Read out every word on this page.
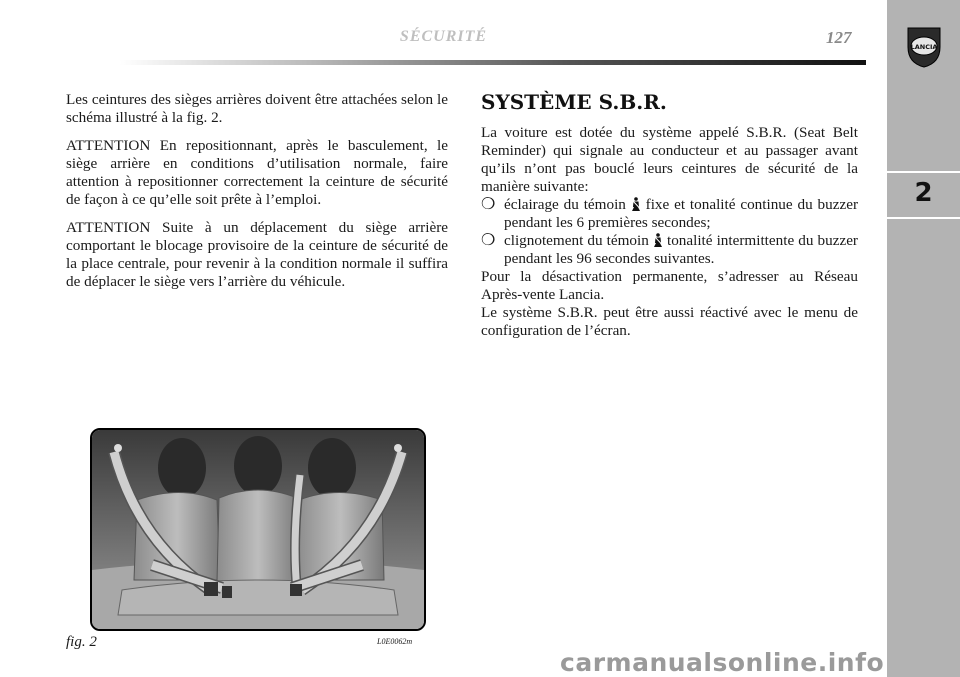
LANCIA
2
SÉCURITÉ	127

Les ceintures des sièges arrières doivent être attachées selon le schéma illustré à la fig. 2.

ATTENTION En repositionnant, après le basculement, le siège arrière en conditions d’utilisation normale, faire attention à repositionner correctement la ceinture de sécurité de façon à ce qu’elle soit prête à l’emploi.

ATTENTION Suite à un déplacement du siège arrière comportant le blocage provisoire de la ceinture de sécurité de la place centrale, pour revenir à la condition normale il suffira de déplacer le siège vers l’arrière du véhicule.

SYSTÈME S.B.R.

La voiture est dotée du système appelé S.B.R. (Seat Belt Reminder) qui signale au conducteur et au passager avant qu’ils n’ont pas bouclé leurs ceintures de sécurité de la manière suivante:

❍ éclairage du témoin fixe et tonalité continue du buzzer pendant les 6 premières secondes;
❍ clignotement du témoin tonalité intermittente du buzzer pendant les 96 secondes suivantes.

Pour la désactivation permanente, s’adresser au Réseau Après-vente Lancia.

Le système S.B.R. peut être aussi réactivé avec le menu de configuration de l’écran.

fig. 2	L0E0062m
carmanualsonline.info
